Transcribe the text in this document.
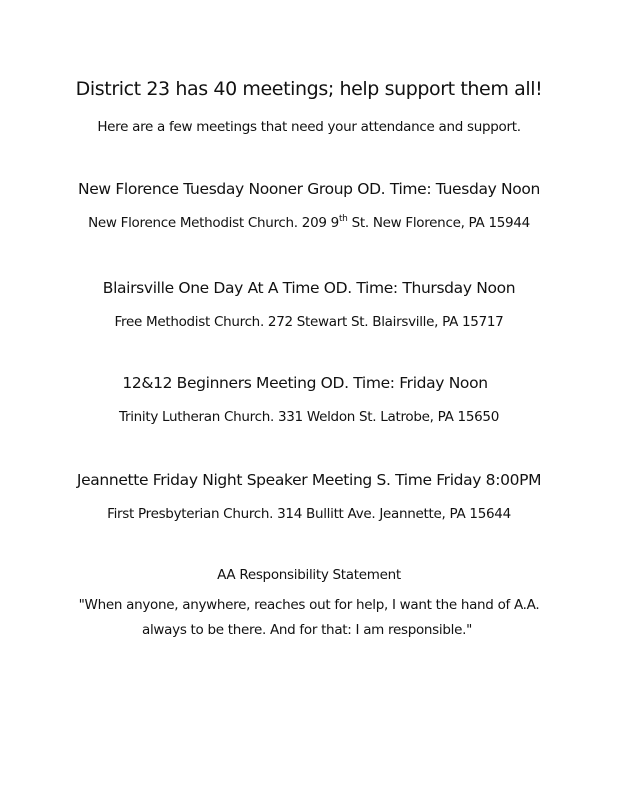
District 23 has 40 meetings; help support them all!
Here are a few meetings that need your attendance and support.
New Florence Tuesday Nooner Group OD. Time: Tuesday Noon
New Florence Methodist Church. 209 9th St. New Florence, PA 15944
Blairsville One Day At A Time OD. Time: Thursday Noon
Free Methodist Church. 272 Stewart St. Blairsville, PA 15717
12&12 Beginners Meeting OD. Time: Friday Noon
Trinity Lutheran Church. 331 Weldon St. Latrobe, PA 15650
Jeannette Friday Night Speaker Meeting S. Time Friday 8:00PM
First Presbyterian Church. 314 Bullitt Ave. Jeannette, PA 15644
AA Responsibility Statement
"When anyone, anywhere, reaches out for help, I want the hand of A.A.
always to be there. And for that: I am responsible."
